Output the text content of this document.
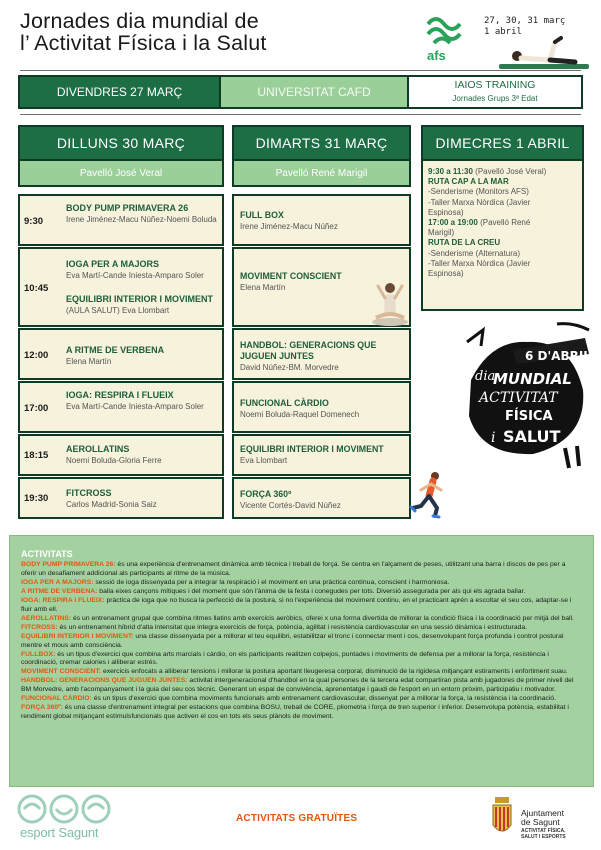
Jornades dia mundial de
l’ Activitat Física i la Salut
afs
27, 30, 31 març
1 abril
DIVENDRES 27 MARÇ	UNIVERSITAT CAFD	IAIOS TRAINING
Jornades Grups 3ª Edat
DILLUNS 30 MARÇ
Pavelló José Veral
9:30
BODY PUMP PRIMAVERA 26
Irene Jiménez-Macu Núñez-Noemi Boluda
10:45
IOGA PER A MAJORS
Eva Martí-Cande Iniesta-Amparo Soler
EQUILIBRI INTERIOR I MOVIMENT
(AULA SALUT) Eva Llombart
12:00 A RITME DE VERBENA
Elena Martín
17:00
IOGA: RESPIRA I FLUEIX
Eva Martí-Cande Iniesta-Amparo Soler
18:15
AEROLLATINS
Noemi Boluda-Gloria Ferre
19:30 FITCROSS
Carlos Madrid-Sonia Saiz
DIMARTS 31 MARÇ
Pavelló René Marigil
FULL BOX
Irene Jiménez-Macu Núñez
MOVIMENT CONSCIENT
Elena Martín
HANDBOL: GENERACIONS QUE
JUGUEN JUNTES
David Núñez-BM. Morvedre
FUNCIONAL CÀRDIO
Noemi Boluda-Raquel Domenech
EQUILIBRI INTERIOR I MOVIMENT
Eva Llombart
FORÇA 360º
Vicente Cortés-David Núñez
DIMECRES 1 ABRIL
9:30 a 11:30 (Pavelló José Veral)
RUTA CAP A LA MAR
-Senderisme (Monitors AFS)
-Taller Marxa Nòrdica (Javier
Espinosa)
17:00 a 19:00 (Pavelló René
Marigil)
RUTA DE LA CREU
-Senderisme (Alternatura)
-Taller Marxa Nòrdica (Javier
Espinosa)
6 D'ABRIL
dia
MUNDIAL
ACTIVITAT
FÍSICA
i SALUT
ACTIVITATS
BODY PUMP PRIMAVERA 26: és una experiència d'entrenament dinàmica amb tècnica i treball de força. Se centra en l'alçament de peses, utilitzant una barra i discos de pes per a oferir un desafiament addicional als participants al ritme de la música.
IOGA PER A MAJORS: sessió de ioga dissenyada per a integrar la respiració i el moviment en una pràctica contínua, conscient i harmoniosa.
A RITME DE VERBENA: balla eixes cançons mítiques i del moment que són l'ànima de la festa i conegudes per tots. Diversió assegurada per als qui els agrada ballar.
IOGA: RESPIRA I FLUEIX: pràctica de ioga que no busca la perfecció de la postura, si no l'experiència del moviment continu, en el practicant aprén a escoltar el seu cos, adaptar-se i fluir amb ell.
AEROLLATINS: és un entrenament grupal que combina ritmes llatins amb exercicis aeròbics, oferei x una forma divertida de millorar la condició física i la coordinació per mitjà del ball.
FITCROSS: és un entrenament híbrid d'alta intensitat que integra exercicis de força, potència, agilitat i resistència cardiovascular en una sessió dinàmica i estructurada.
EQUILIBRI INTERIOR I MOVIMENT: una classe dissenyada per a millorar el teu equilibri, estabilitzar el tronc i connectar ment i cos, desenvolupant força profunda i control postural mentre et mous amb consciència.
FULLBOX: és un tipus d'exercici que combina arts marcials i càrdio, on els participants realitzen colpejos, puntades i moviments de defensa per a millorar la força, resistència i coordinació, cremar calories i alliberar estrés.
MOVIMENT CONSCIENT: exercicis enfocats a alliberar tensions i millorar la postura aportant lleugeresa corporal, disminució de la rigidesa mitjançant estiraments i enfortiment suau.
HANDBOL: GENERACIONS QUE JUGUEN JUNTES: activitat intergeneracional d'handbol en la qual persones de la tercera edat compartiran pista amb jugadores de primer nivell del BM Morvedre, amb l'acompanyament i la guia del seu cos tècnic. Generant un espai de convivència, aprenentatge i gaudi de l'esport en un entorn pròxim, participatiu i motivador.
FUNCIONAL CÀRDIO: és un tipus d'exercici que combina moviments funcionals amb entrenament cardiovascular, dissenyat per a millorar la força, la resistència i la coordinació.
FORÇA 360º: és una classe d'entrenament integral per estacions que combina BOSU, treball de CORE, pliometria i força de tren superior i inferior. Desenvolupa potència, estabilitat i rendiment global mitjançant estímulsfuncionals que activen el cos en tots els seus plànols de moviment.
esport Sagunt
ACTIVITATS GRATUÏTES	Ajuntament
de Sagunt
ACTIVITAT FÍSICA,
SALUT I ESPORTS
